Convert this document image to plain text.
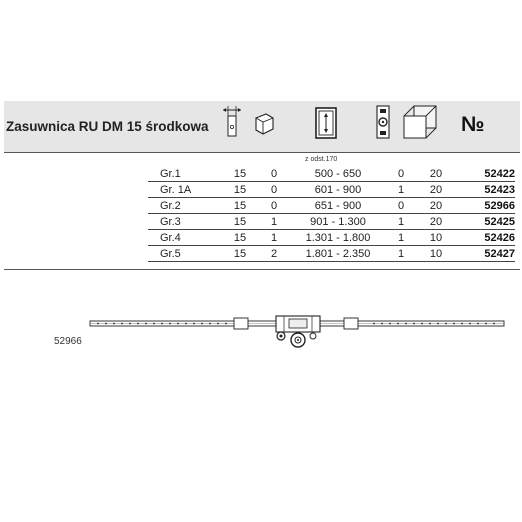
Zasuwnica RU DM 15 środkowa	№
z odst.170
Gr.1	15	0	500 - 650	0	20	52422
Gr. 1A	15	0	601 - 900	1	20	52423
Gr.2	15	0	651 - 900	0	20	52966
Gr.3	15	1	901 - 1.300	1	20	52425
Gr.4	15	1	1.301 - 1.800	1	10	52426
Gr.5	15	2	1.801 - 2.350	1	10	52427
52966
